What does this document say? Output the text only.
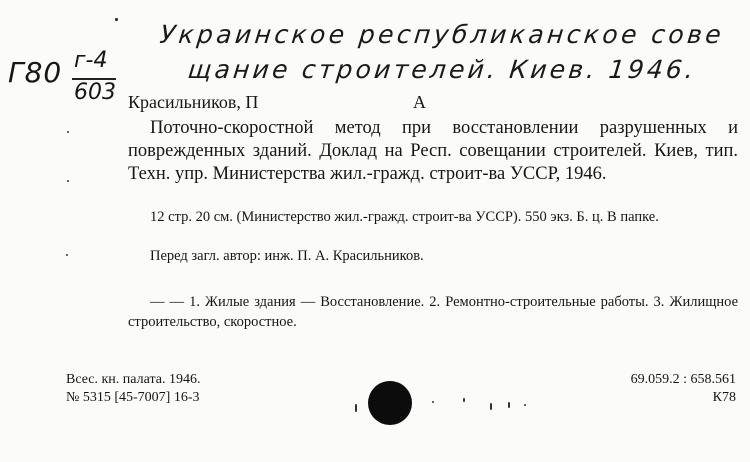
Украинское республиканское сове
щание строителей. Киев. 1946.
Г80 г-4
603 Красильников, П	А
Поточно-скоростной метод при восстановлении разрушенных и поврежденных зданий. Доклад на Респ. совещании строителей. Киев, тип. Техн. упр. Министерства жил.-гражд. строит-ва УССР, 1946.
12 стр. 20 см. (Министерство жил.-гражд. строит-ва УССР). 550 экз. Б. ц. В папке.
Перед загл. автор: инж. П. А. Красильников.
— — 1. Жилые здания — Восстановление. 2. Ремонтно-строительные работы. 3. Жилищное строительство, скоростное.
Всес. кн. палата. 1946.
№ 5315 [45-7007] 16-3
69.059.2 : 658.561
К78
